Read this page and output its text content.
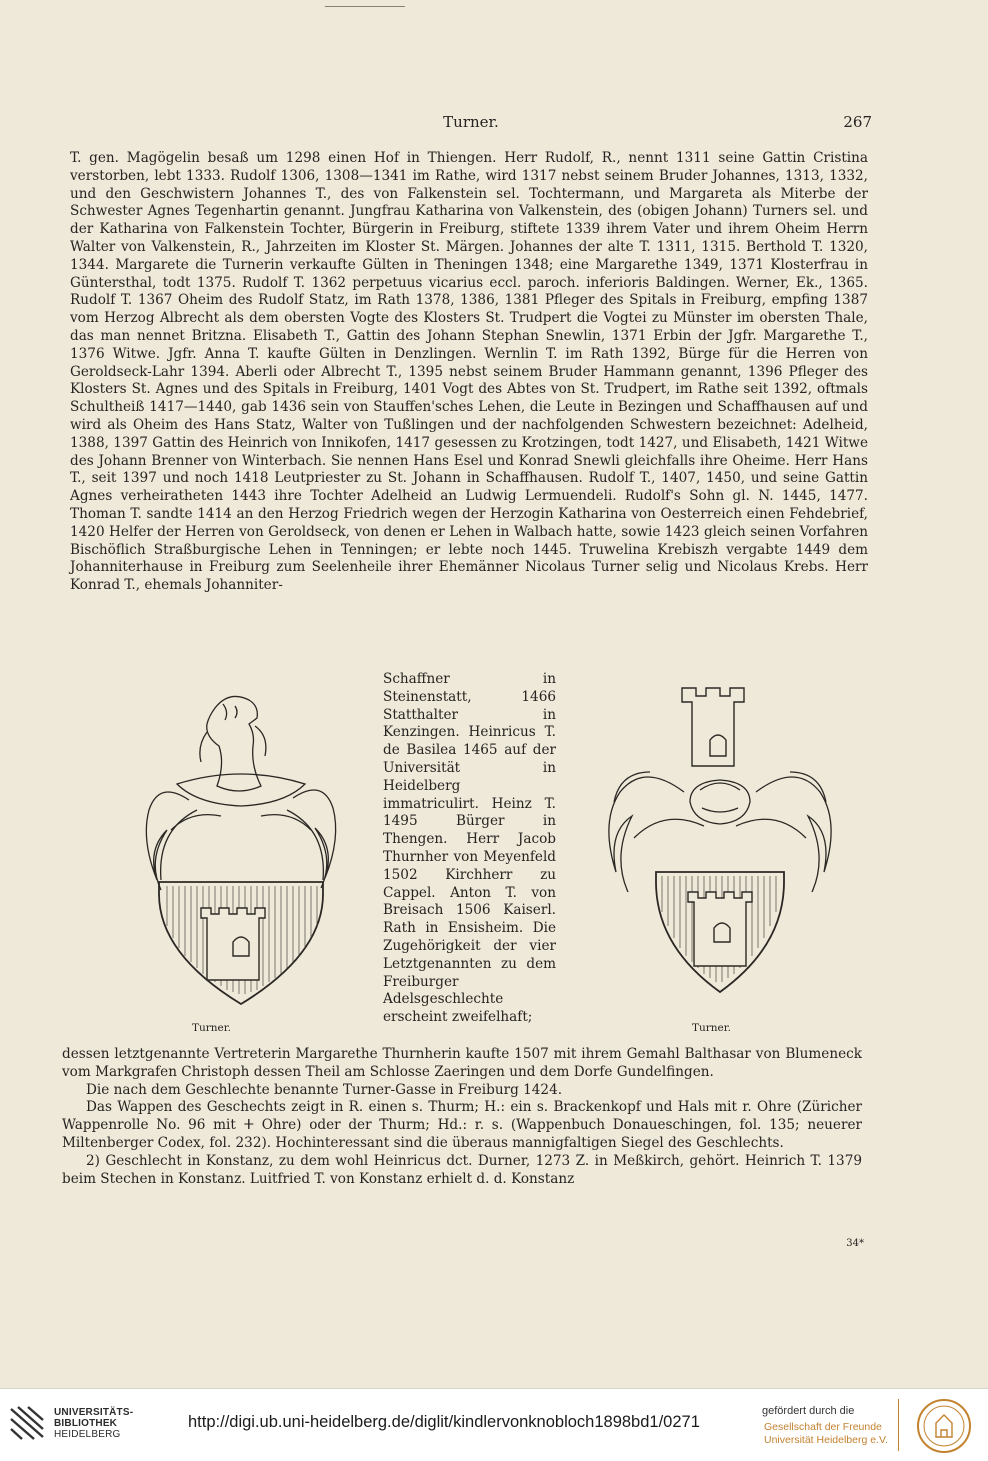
Turner.	267

T. gen. Magögelin besaß um 1298 einen Hof in Thiengen. Herr Rudolf, R., nennt 1311 seine Gattin Cristina verstorben, lebt 1333. Rudolf 1306, 1308—1341 im Rathe, wird 1317 nebst seinem Bruder Johannes, 1313, 1332, und den Geschwistern Johannes T., des von Falkenstein sel. Tochtermann, und Margareta als Miterbe der Schwester Agnes Tegenhartin genannt. Jungfrau Katharina von Valkenstein, des (obigen Johann) Turners sel. und der Katharina von Falkenstein Tochter, Bürgerin in Freiburg, stiftete 1339 ihrem Vater und ihrem Oheim Herrn Walter von Valkenstein, R., Jahrzeiten im Kloster St. Märgen. Johannes der alte T. 1311, 1315. Berthold T. 1320, 1344. Margarete die Turnerin verkaufte Gülten in Theningen 1348; eine Margarethe 1349, 1371 Klosterfrau in Güntersthal, todt 1375. Rudolf T. 1362 perpetuus vicarius eccl. paroch. inferioris Baldingen. Werner, Ek., 1365. Rudolf T. 1367 Oheim des Rudolf Statz, im Rath 1378, 1386, 1381 Pfleger des Spitals in Freiburg, empfing 1387 vom Herzog Albrecht als dem obersten Vogte des Klosters St. Trudpert die Vogtei zu Münster im obersten Thale, das man nennet Britzna. Elisabeth T., Gattin des Johann Stephan Snewlin, 1371 Erbin der Jgfr. Margarethe T., 1376 Witwe. Jgfr. Anna T. kaufte Gülten in Denzlingen. Wernlin T. im Rath 1392, Bürge für die Herren von Geroldseck-Lahr 1394. Aberli oder Albrecht T., 1395 nebst seinem Bruder Hammann genannt, 1396 Pfleger des Klosters St. Agnes und des Spitals in Freiburg, 1401 Vogt des Abtes von St. Trudpert, im Rathe seit 1392, oftmals Schultheiß 1417—1440, gab 1436 sein von Stauffen'sches Lehen, die Leute in Bezingen und Schaffhausen auf und wird als Oheim des Hans Statz, Walter von Tußlingen und der nachfolgenden Schwestern bezeichnet: Adelheid, 1388, 1397 Gattin des Heinrich von Innikofen, 1417 gesessen zu Krotzingen, todt 1427, und Elisabeth, 1421 Witwe des Johann Brenner von Winterbach. Sie nennen Hans Esel und Konrad Snewli gleichfalls ihre Oheime. Herr Hans T., seit 1397 und noch 1418 Leutpriester zu St. Johann in Schaffhausen. Rudolf T., 1407, 1450, und seine Gattin Agnes verheiratheten 1443 ihre Tochter Adelheid an Ludwig Lermuendeli. Rudolf's Sohn gl. N. 1445, 1477. Thoman T. sandte 1414 an den Herzog Friedrich wegen der Herzogin Katharina von Oesterreich einen Fehdebrief, 1420 Helfer der Herren von Geroldseck, von denen er Lehen in Walbach hatte, sowie 1423 gleich seinen Vorfahren Bischöflich Straßburgische Lehen in Tenningen; er lebte noch 1445. Truwelina Krebiszh vergabte 1449 dem Johanniterhause in Freiburg zum Seelenheile ihrer Ehemänner Nicolaus Turner selig und Nicolaus Krebs. Herr Konrad T., ehemals Johanniter-

Schaffner in Steinenstatt, 1466 Statthalter in Kenzingen. Heinricus T. de Basilea 1465 auf der Universität in Heidelberg immatriculirt. Heinz T. 1495 Bürger in Thengen. Herr Jacob Thurnher von Meyenfeld 1502 Kirchherr zu Cappel. Anton T. von Breisach 1506 Kaiserl. Rath in Ensisheim. Die Zugehörigkeit der vier Letztgenannten zu dem Freiburger Adelsgeschlechte erscheint zweifelhaft;

Turner.	Turner.

dessen letztgenannte Vertreterin Margarethe Thurnherin kaufte 1507 mit ihrem Gemahl Balthasar von Blumeneck vom Markgrafen Christoph dessen Theil am Schlosse Zaeringen und dem Dorfe Gundelfingen.

Die nach dem Geschlechte benannte Turner-Gasse in Freiburg 1424.

Das Wappen des Geschechts zeigt in R. einen s. Thurm; H.: ein s. Brackenkopf und Hals mit r. Ohre (Züricher Wappenrolle No. 96 mit ⵜ Ohre) oder der Thurm; Hd.: r. s. (Wappenbuch Donaueschingen, fol. 135; neuerer Miltenberger Codex, fol. 232). Hochinteressant sind die überaus mannigfaltigen Siegel des Geschlechts.

2) Geschlecht in Konstanz, zu dem wohl Heinricus dct. Durner, 1273 Z. in Meßkirch, gehört. Heinrich T. 1379 beim Stechen in Konstanz. Luitfried T. von Konstanz erhielt d. d. Konstanz

34*
UNIVERSITÄTS-
BIBLIOTHEK
HEIDELBERG
http://digi.ub.uni-heidelberg.de/diglit/kindlervonknobloch1898bd1/0271
gefördert durch die
Gesellschaft der Freunde
Universität Heidelberg e.V.
